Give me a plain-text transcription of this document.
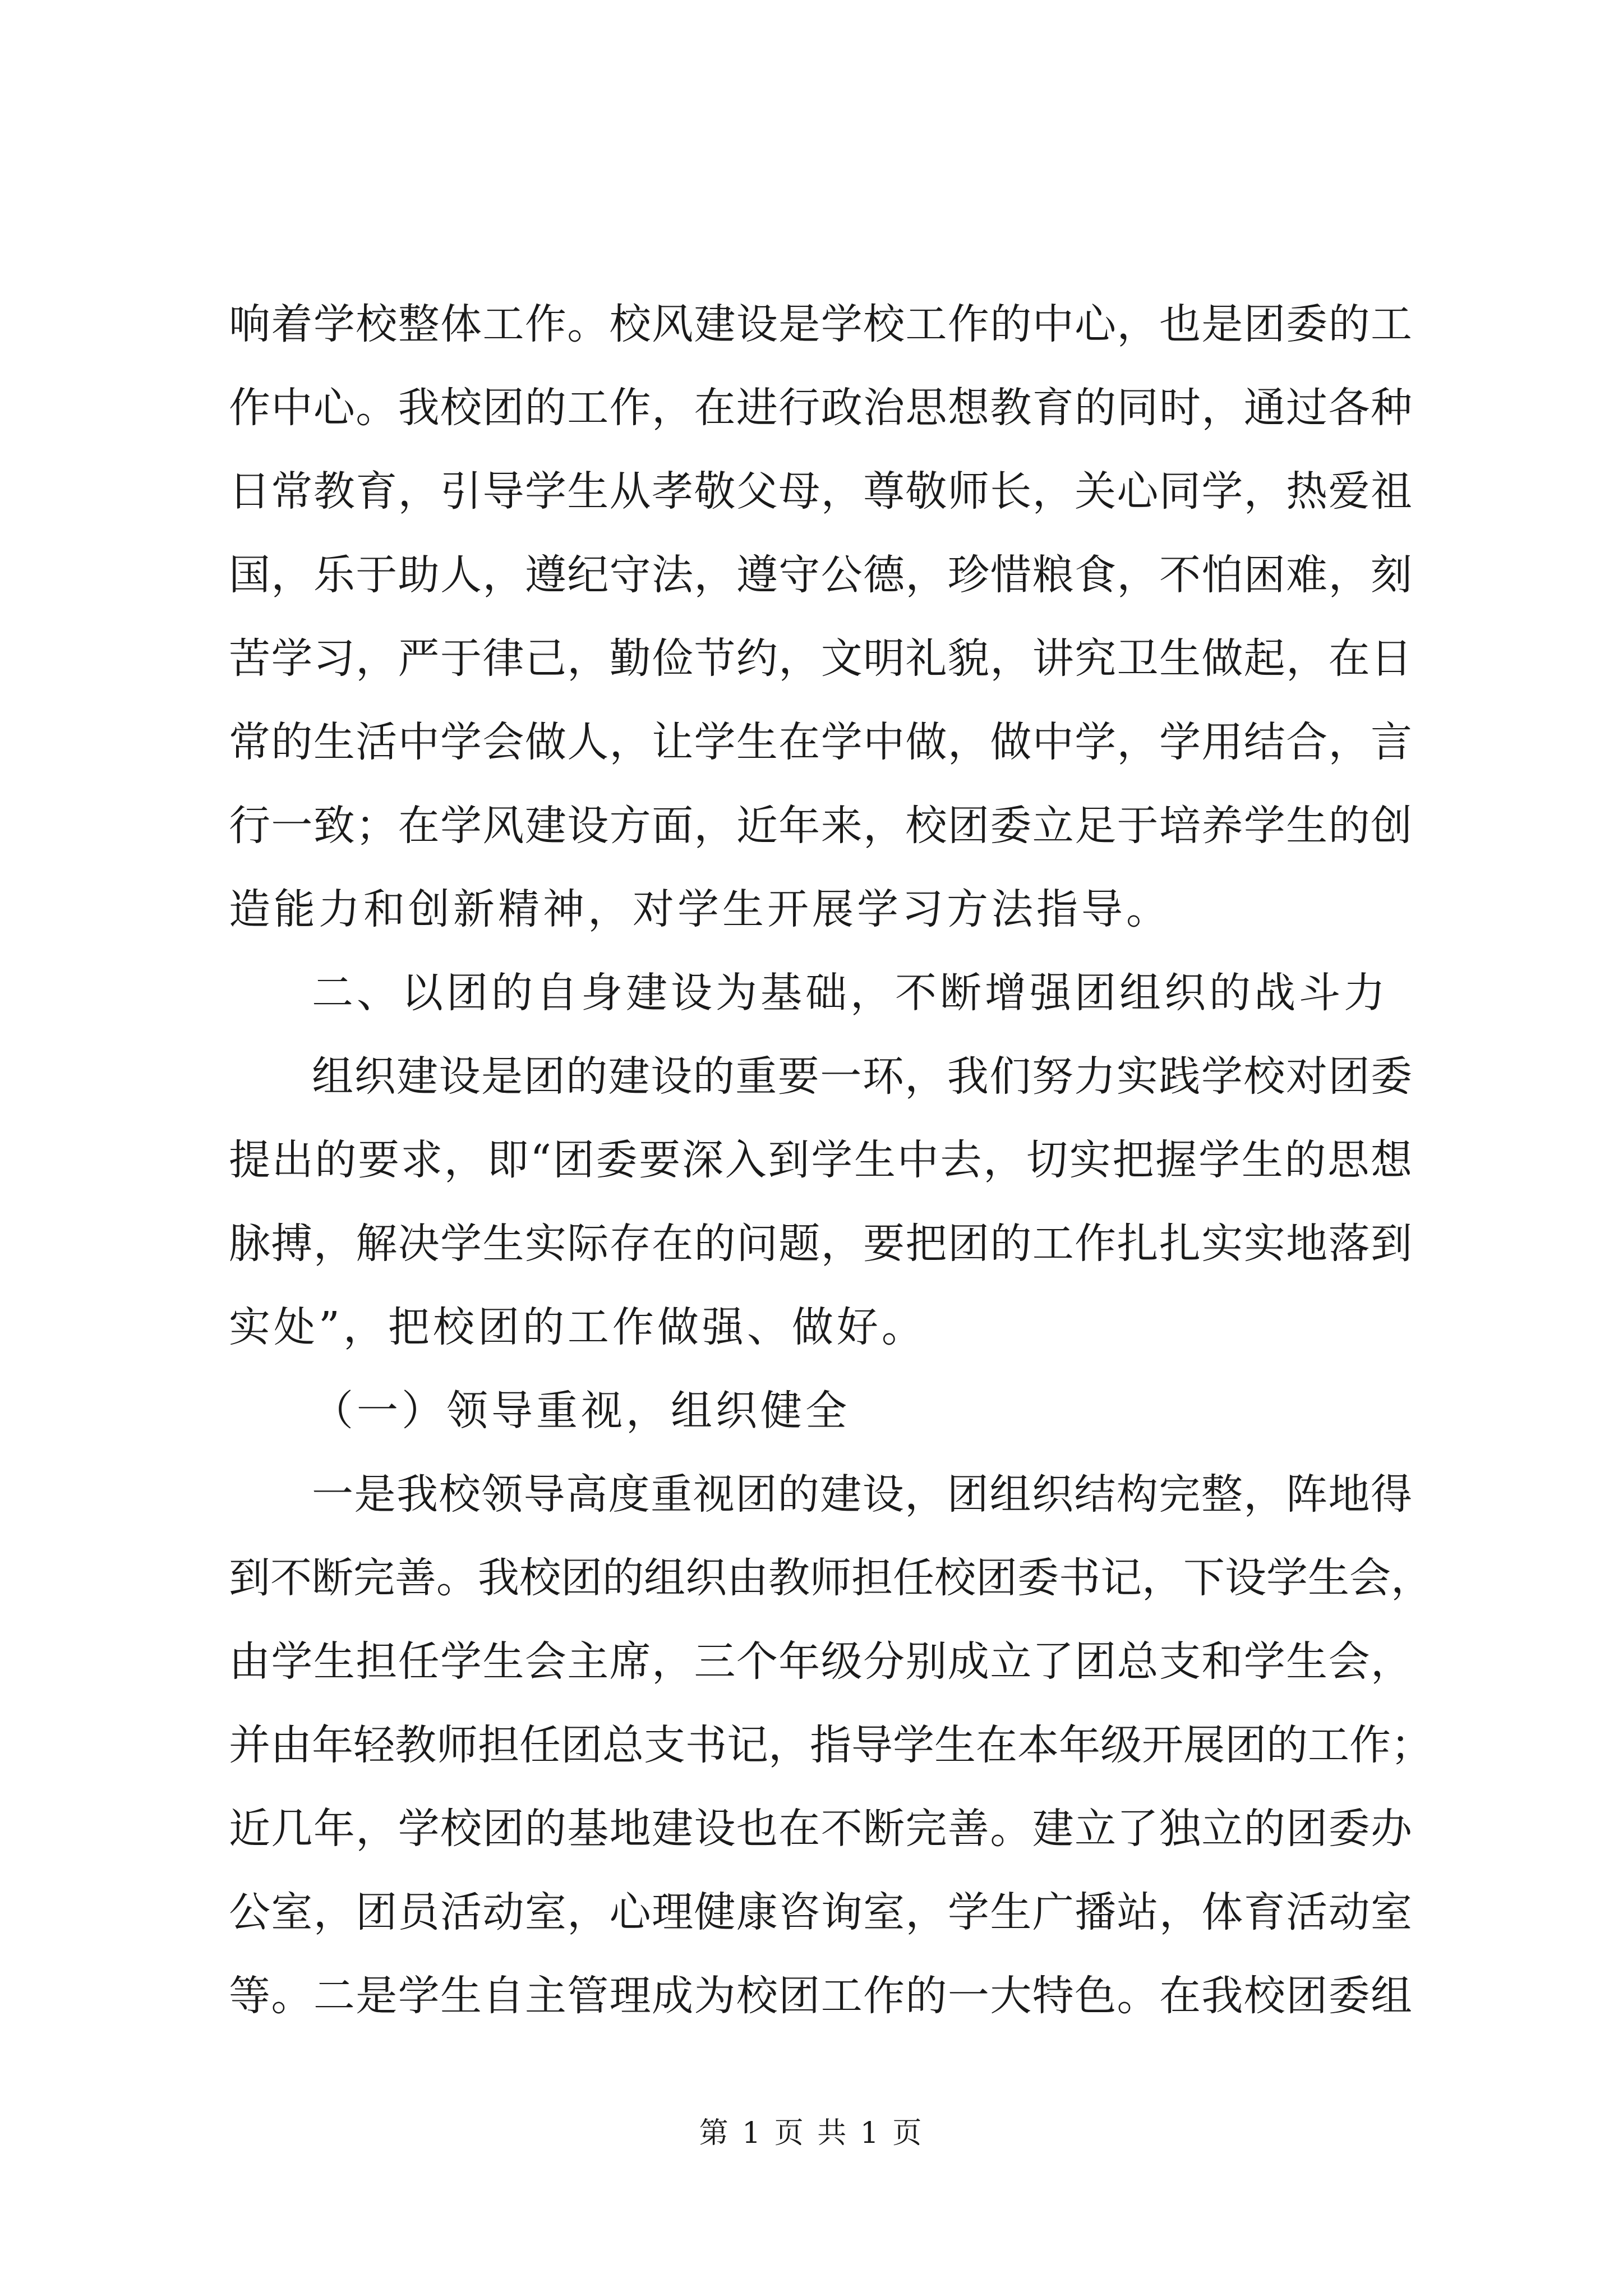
响着学校整体工作。校风建设是学校工作的中心，也是团委的工
作中心。我校团的工作，在进行政治思想教育的同时，通过各种
日常教育，引导学生从孝敬父母，尊敬师长，关心同学，热爱祖
国，乐于助人，遵纪守法，遵守公德，珍惜粮食，不怕困难，刻
苦学习，严于律己，勤俭节约，文明礼貌，讲究卫生做起，在日
常的生活中学会做人，让学生在学中做，做中学，学用结合，言
行一致；在学风建设方面，近年来，校团委立足于培养学生的创
造能力和创新精神，对学生开展学习方法指导。
二、以团的自身建设为基础，不断增强团组织的战斗力
组织建设是团的建设的重要一环，我们努力实践学校对团委
提出的要求，即“团委要深入到学生中去，切实把握学生的思想
脉搏，解决学生实际存在的问题，要把团的工作扎扎实实地落到
实处”，把校团的工作做强、做好。
（一）领导重视，组织健全
一是我校领导高度重视团的建设，团组织结构完整，阵地得
到不断完善。我校团的组织由教师担任校团委书记，下设学生会，
由学生担任学生会主席，三个年级分别成立了团总支和学生会，
并由年轻教师担任团总支书记，指导学生在本年级开展团的工作；
近几年，学校团的基地建设也在不断完善。建立了独立的团委办
公室，团员活动室，心理健康咨询室，学生广播站，体育活动室
等。二是学生自主管理成为校团工作的一大特色。在我校团委组
第 1 页 共 1 页
